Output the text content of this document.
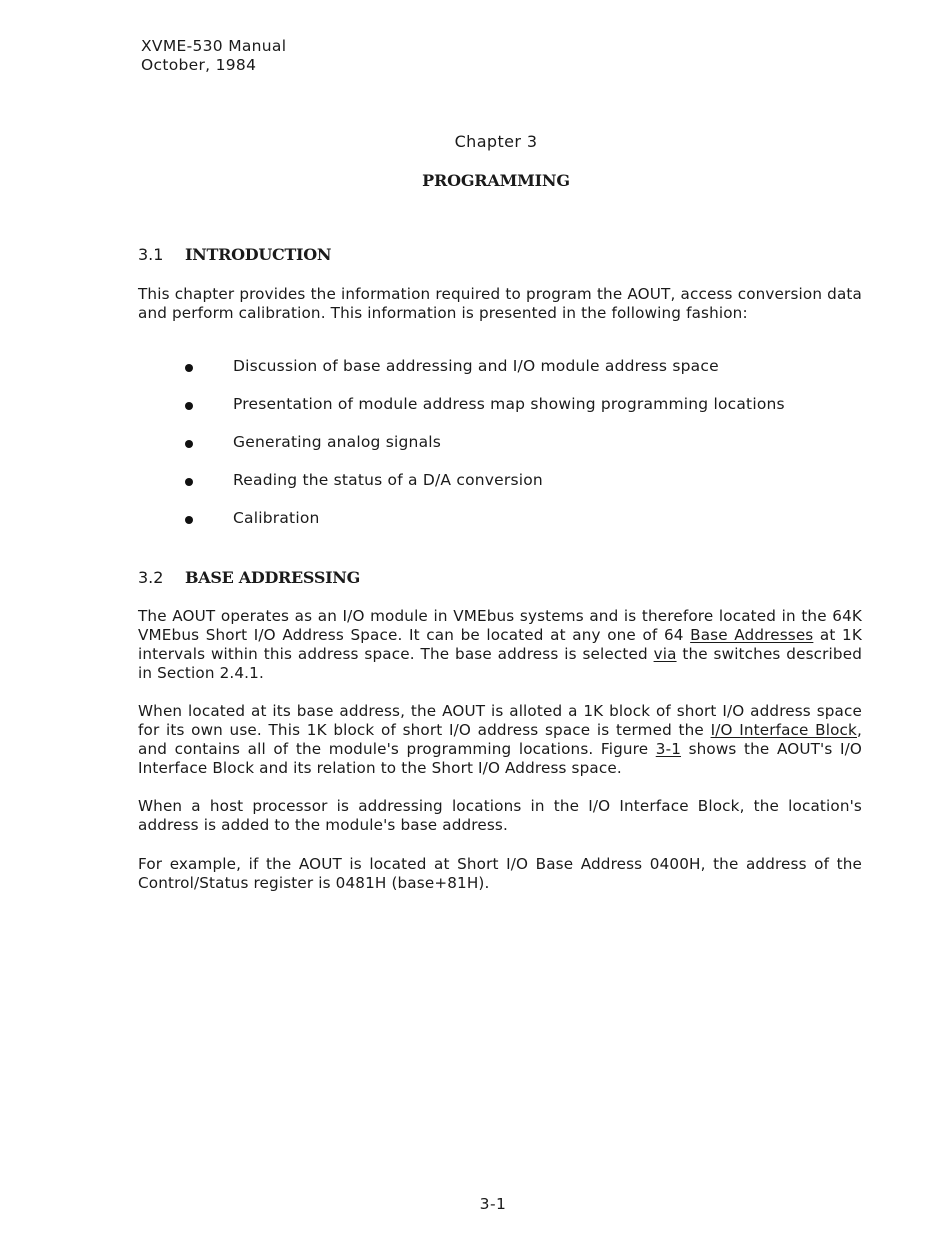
XVME-530 Manual
October, 1984
Chapter 3
PROGRAMMING
3.1 INTRODUCTION
This chapter provides the information required to program the AOUT, access conversion data and perform calibration. This information is presented in the following fashion:
Discussion of base addressing and I/O module address space
Presentation of module address map showing programming locations
Generating analog signals
Reading the status of a D/A conversion
Calibration
3.2 BASE ADDRESSING
The AOUT operates as an I/O module in VMEbus systems and is therefore located in the 64K VMEbus Short I/O Address Space. It can be located at any one of 64 Base Addresses at 1K intervals within this address space. The base address is selected via the switches described in Section 2.4.1.
When located at its base address, the AOUT is alloted a 1K block of short I/O address space for its own use. This 1K block of short I/O address space is termed the I/O Interface Block, and contains all of the module's programming locations. Figure 3-1 shows the AOUT's I/O Interface Block and its relation to the Short I/O Address space.
When a host processor is addressing locations in the I/O Interface Block, the location's address is added to the module's base address.
For example, if the AOUT is located at Short I/O Base Address 0400H, the address of the Control/Status register is 0481H (base+81H).
3-1
